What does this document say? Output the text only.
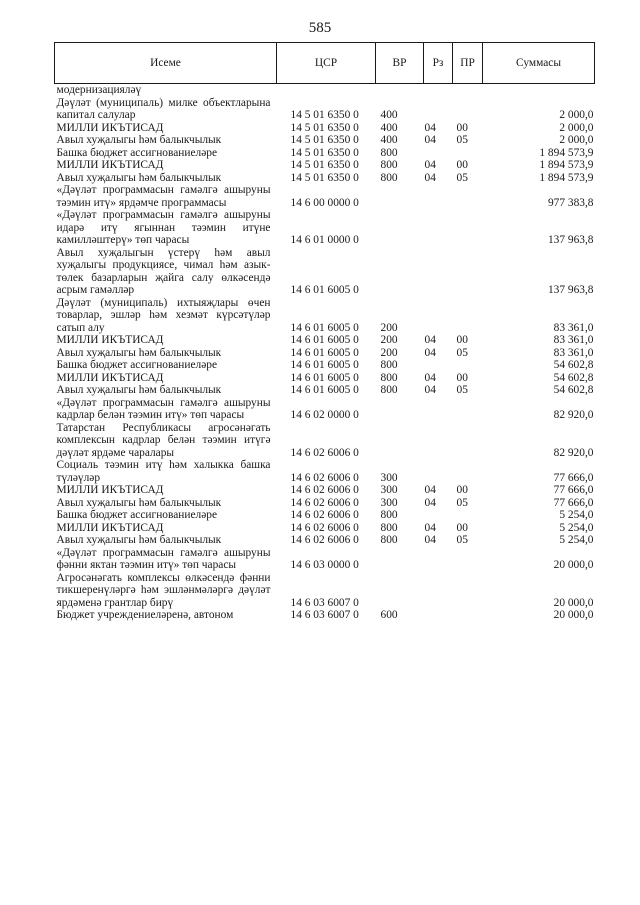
585
Исеме	ЦСР	ВР	Рз	ПР	Суммасы
модернизацияләү					
Дәүләт (муниципаль) милке объектларына капитал салулар	14 5 01 6350 0	400			2 000,0
МИЛЛИ ИКЪТИСАД	14 5 01 6350 0	400	04	00	2 000,0
Авыл хуҗалыгы һәм балыкчылык	14 5 01 6350 0	400	04	05	2 000,0
Башка бюджет ассигнованиеләре	14 5 01 6350 0	800			1 894 573,9
МИЛЛИ ИКЪТИСАД	14 5 01 6350 0	800	04	00	1 894 573,9
Авыл хуҗалыгы һәм балыкчылык	14 5 01 6350 0	800	04	05	1 894 573,9
«Дәүләт программасын гамәлгә ашыруны тәэмин итү» ярдәмче программасы	14 6 00 0000 0				977 383,8
«Дәүләт программасын гамәлгә ашыруны идарә итү ягыннан тәэмин итүне камилләштерү» төп чарасы	14 6 01 0000 0				137 963,8
Авыл хуҗалыгын үстерү һәм авыл хуҗалыгы продукциясе, чимал һәм азык-төлек базарларын җайга салу өлкәсендә асрым гамәлләр	14 6 01 6005 0				137 963,8
Дәүләт (муниципаль) ихтыяҗлары өчен товарлар, эшләр һәм хезмәт күрсәтүләр сатып алу	14 6 01 6005 0	200			83 361,0
МИЛЛИ ИКЪТИСАД	14 6 01 6005 0	200	04	00	83 361,0
Авыл хуҗалыгы һәм балыкчылык	14 6 01 6005 0	200	04	05	83 361,0
Башка бюджет ассигнованиеләре	14 6 01 6005 0	800			54 602,8
МИЛЛИ ИКЪТИСАД	14 6 01 6005 0	800	04	00	54 602,8
Авыл хуҗалыгы һәм балыкчылык	14 6 01 6005 0	800	04	05	54 602,8
«Дәүләт программасын гамәлгә ашыруны кадрлар белән тәэмин итү» төп чарасы	14 6 02 0000 0				82 920,0
Татарстан Республикасы агросәнәгать комплексын кадрлар белән тәэмин итүгә дәүләт ярдәме чаралары	14 6 02 6006 0				82 920,0
Социаль тәэмин итү һәм халыкка башка түләүләр	14 6 02 6006 0	300			77 666,0
МИЛЛИ ИКЪТИСАД	14 6 02 6006 0	300	04	00	77 666,0
Авыл хуҗалыгы һәм балыкчылык	14 6 02 6006 0	300	04	05	77 666,0
Башка бюджет ассигнованиеләре	14 6 02 6006 0	800			5 254,0
МИЛЛИ ИКЪТИСАД	14 6 02 6006 0	800	04	00	5 254,0
Авыл хуҗалыгы һәм балыкчылык	14 6 02 6006 0	800	04	05	5 254,0
«Дәүләт программасын гамәлгә ашыруны фәнни яктан тәэмин итү» төп чарасы	14 6 03 0000 0				20 000,0
Агросәнәгать комплексы өлкәсендә фәнни тикшеренүләргә һәм эшләнмәләргә дәүләт ярдәменә грантлар бирү	14 6 03 6007 0				20 000,0
Бюджет учреждениеләренә, автоном	14 6 03 6007 0	600			20 000,0
